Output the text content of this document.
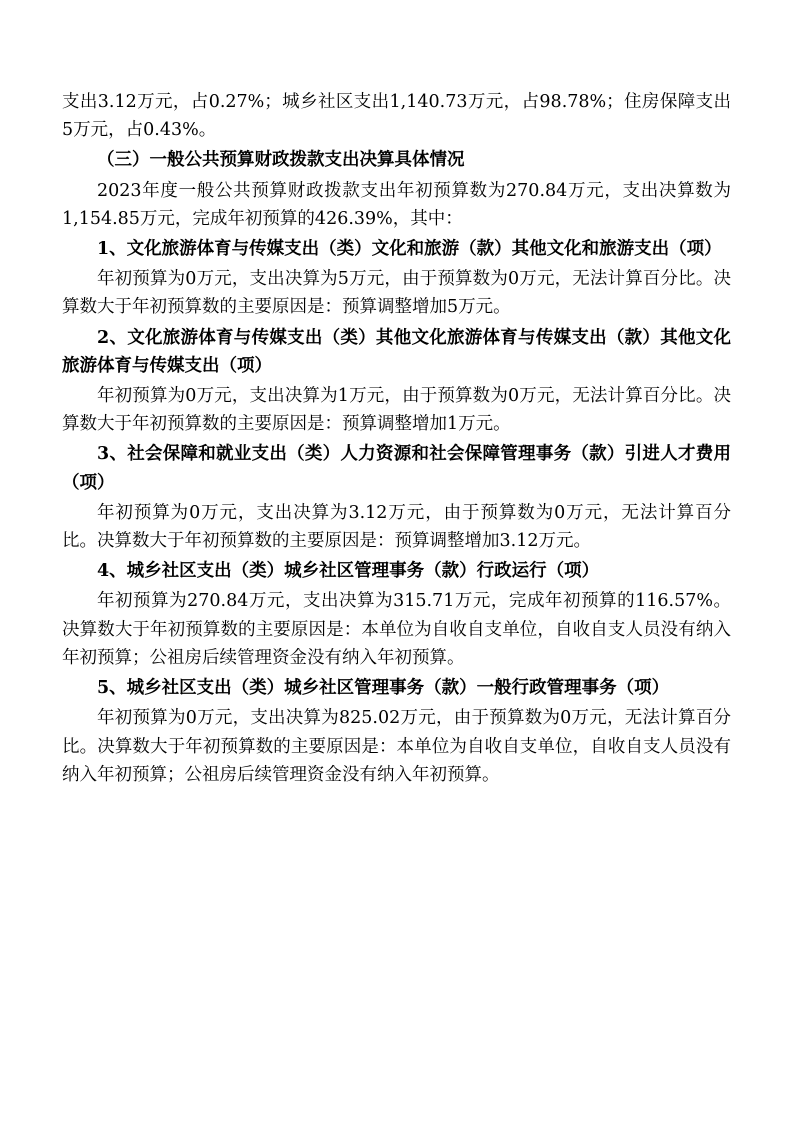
支出3.12万元，占0.27%；城乡社区支出1,140.73万元，占98.78%；住房保障支出5万元，占0.43%。

（三）一般公共预算财政拨款支出决算具体情况

2023年度一般公共预算财政拨款支出年初预算数为270.84万元，支出决算数为1,154.85万元，完成年初预算的426.39%，其中：

1、文化旅游体育与传媒支出（类）文化和旅游（款）其他文化和旅游支出（项）

年初预算为0万元，支出决算为5万元，由于预算数为0万元，无法计算百分比。决算数大于年初预算数的主要原因是：预算调整增加5万元。

2、文化旅游体育与传媒支出（类）其他文化旅游体育与传媒支出（款）其他文化旅游体育与传媒支出（项）

年初预算为0万元，支出决算为1万元，由于预算数为0万元，无法计算百分比。决算数大于年初预算数的主要原因是：预算调整增加1万元。

3、社会保障和就业支出（类）人力资源和社会保障管理事务（款）引进人才费用（项）

年初预算为0万元，支出决算为3.12万元，由于预算数为0万元，无法计算百分比。决算数大于年初预算数的主要原因是：预算调整增加3.12万元。

4、城乡社区支出（类）城乡社区管理事务（款）行政运行（项）

年初预算为270.84万元，支出决算为315.71万元，完成年初预算的116.57%。决算数大于年初预算数的主要原因是：本单位为自收自支单位，自收自支人员没有纳入年初预算；公祖房后续管理资金没有纳入年初预算。

5、城乡社区支出（类）城乡社区管理事务（款）一般行政管理事务（项）

年初预算为0万元，支出决算为825.02万元，由于预算数为0万元，无法计算百分比。决算数大于年初预算数的主要原因是：本单位为自收自支单位，自收自支人员没有纳入年初预算；公祖房后续管理资金没有纳入年初预算。
